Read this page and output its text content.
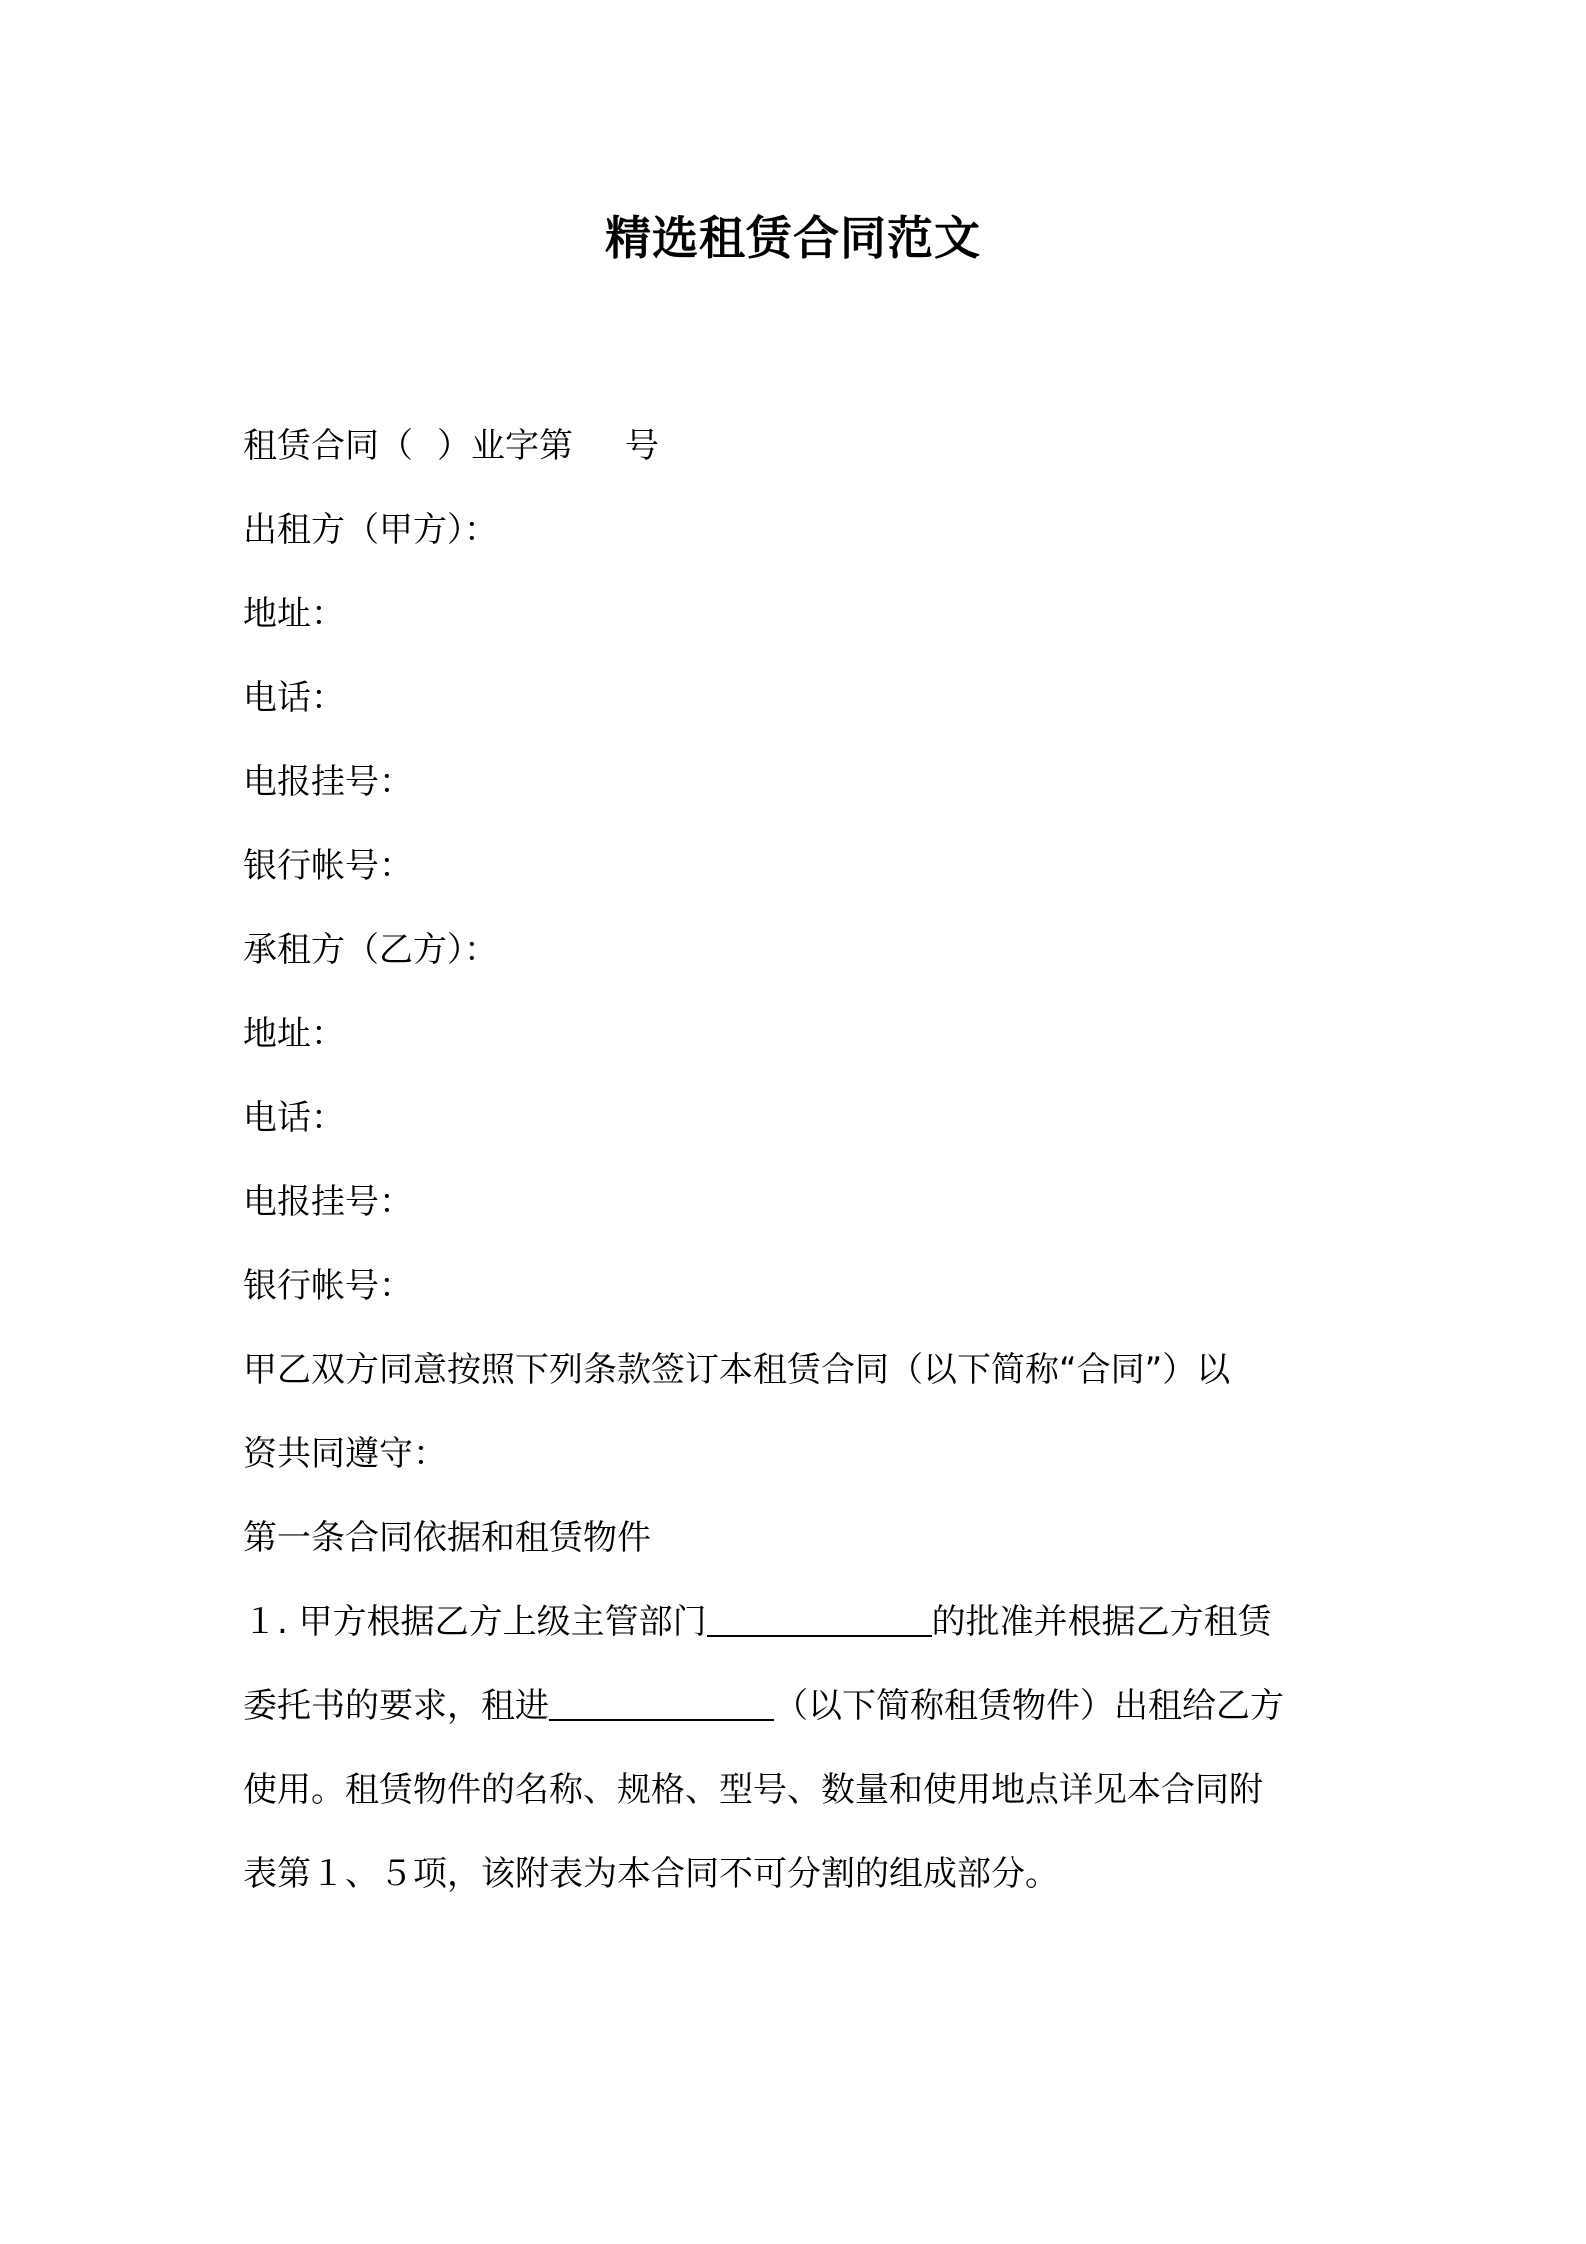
精选租赁合同范文
租赁合同（ ）业字第 号
出租方（甲方）：
地址：
电话：
电报挂号：
银行帐号：
承租方（乙方）：
地址：
电话：
电报挂号：
银行帐号：
甲乙双方同意按照下列条款签订本租赁合同（以下简称“合同”）以
资共同遵守：
第一条合同依据和租赁物件
１. 甲方根据乙方上级主管部门	的批准并根据乙方租赁
委托书的要求，租进	（以下简称租赁物件）出租给乙方
使用。租赁物件的名称、规格、型号、数量和使用地点详见本合同附
表第１、５项，该附表为本合同不可分割的组成部分。
